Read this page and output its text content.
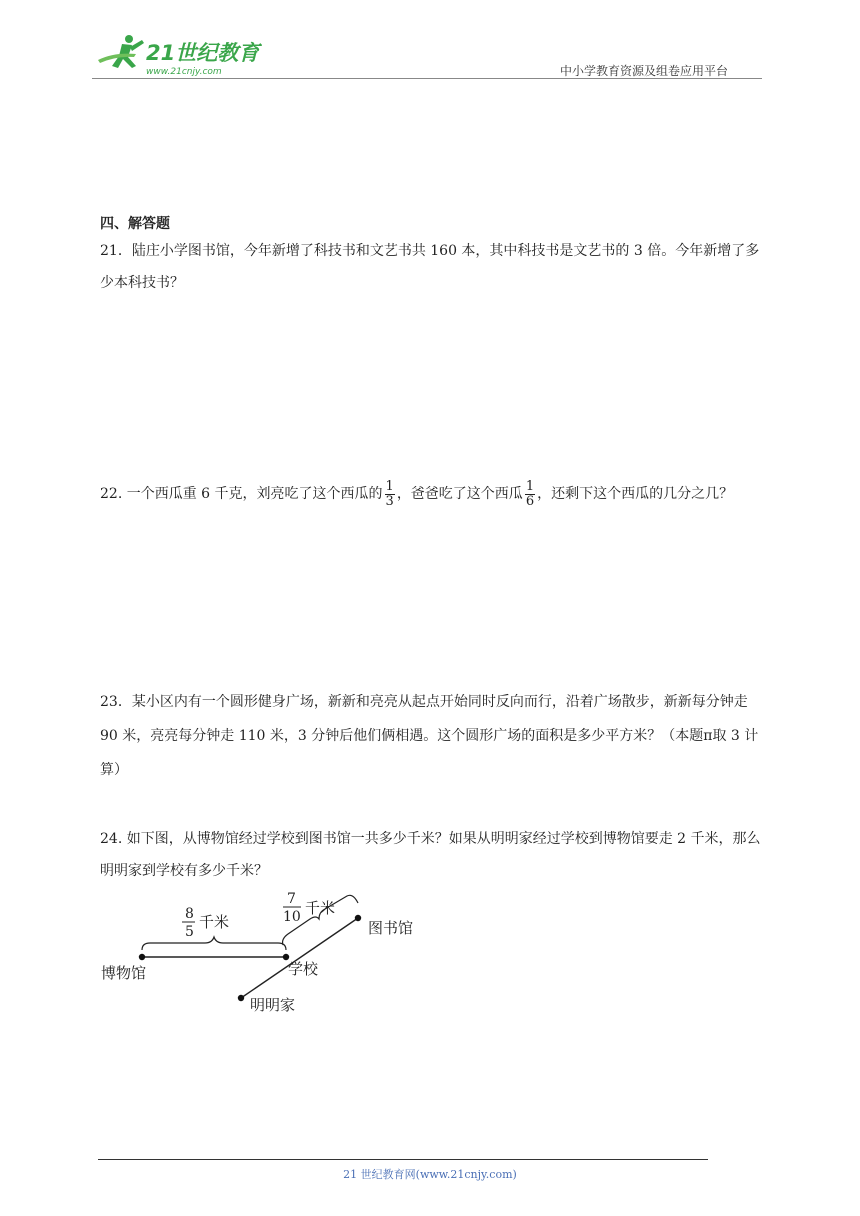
21世纪教育
www.21cnjy.com	中小学教育资源及组卷应用平台
四、解答题
21．陆庄小学图书馆，今年新增了科技书和文艺书共 160 本，其中科技书是文艺书的 3 倍。今年新增了多少本科技书？
22. 一个西瓜重 6 千克，刘亮吃了这个西瓜的 $\frac{1}{3}$ ，爸爸吃了这个西瓜 $\frac{1}{6}$ ，还剩下这个西瓜的几分之几？
23．某小区内有一个圆形健身广场，新新和亮亮从起点开始同时反向而行，沿着广场散步，新新每分钟走 90 米，亮亮每分钟走 110 米，3 分钟后他们俩相遇。这个圆形广场的面积是多少平方米？（本题π取 3 计算）
24. 如下图，从博物馆经过学校到图书馆一共多少千米？如果从明明家经过学校到博物馆要走 2 千米，那么明明家到学校有多少千米？
博物馆	学校
图书馆
明明家
8
5
千米
7
10 千米
21 世纪教育网(www.21cnjy.com)
